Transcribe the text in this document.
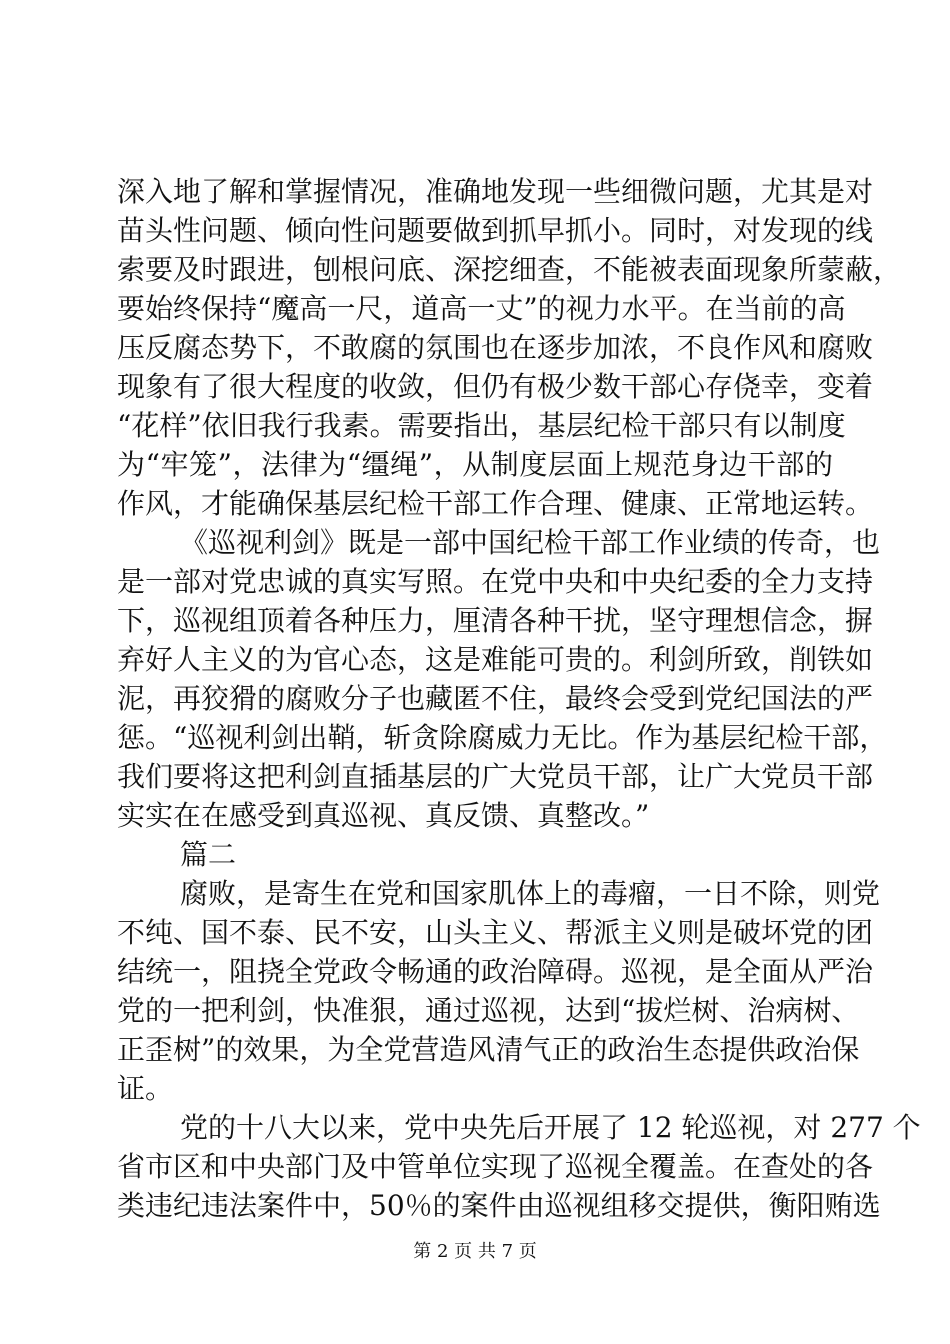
深入地了解和掌握情况，准确地发现一些细微问题，尤其是对
苗头性问题、倾向性问题要做到抓早抓小。同时，对发现的线
索要及时跟进，刨根问底、深挖细查，不能被表面现象所蒙蔽，
要始终保持“魔高一尺，道高一丈”的视力水平。在当前的高
压反腐态势下，不敢腐的氛围也在逐步加浓，不良作风和腐败
现象有了很大程度的收敛，但仍有极少数干部心存侥幸，变着
“花样”依旧我行我素。需要指出，基层纪检干部只有以制度
为“牢笼”，法律为“缰绳”，从制度层面上规范身边干部的
作风，才能确保基层纪检干部工作合理、健康、正常地运转。
《巡视利剑》既是一部中国纪检干部工作业绩的传奇，也
是一部对党忠诚的真实写照。在党中央和中央纪委的全力支持
下，巡视组顶着各种压力，厘清各种干扰，坚守理想信念，摒
弃好人主义的为官心态，这是难能可贵的。利剑所致，削铁如
泥，再狡猾的腐败分子也藏匿不住，最终会受到党纪国法的严
惩。“巡视利剑出鞘，斩贪除腐威力无比。作为基层纪检干部，
我们要将这把利剑直插基层的广大党员干部，让广大党员干部
实实在在感受到真巡视、真反馈、真整改。”
篇二
腐败，是寄生在党和国家肌体上的毒瘤，一日不除，则党
不纯、国不泰、民不安，山头主义、帮派主义则是破坏党的团
结统一，阻挠全党政令畅通的政治障碍。巡视，是全面从严治
党的一把利剑，快准狠，通过巡视，达到“拔烂树、治病树、
正歪树”的效果，为全党营造风清气正的政治生态提供政治保
证。
党的十八大以来，党中央先后开展了 12 轮巡视，对 277 个
省市区和中央部门及中管单位实现了巡视全覆盖。在查处的各
类违纪违法案件中，50％的案件由巡视组移交提供，衡阳贿选
第 2 页 共 7 页
